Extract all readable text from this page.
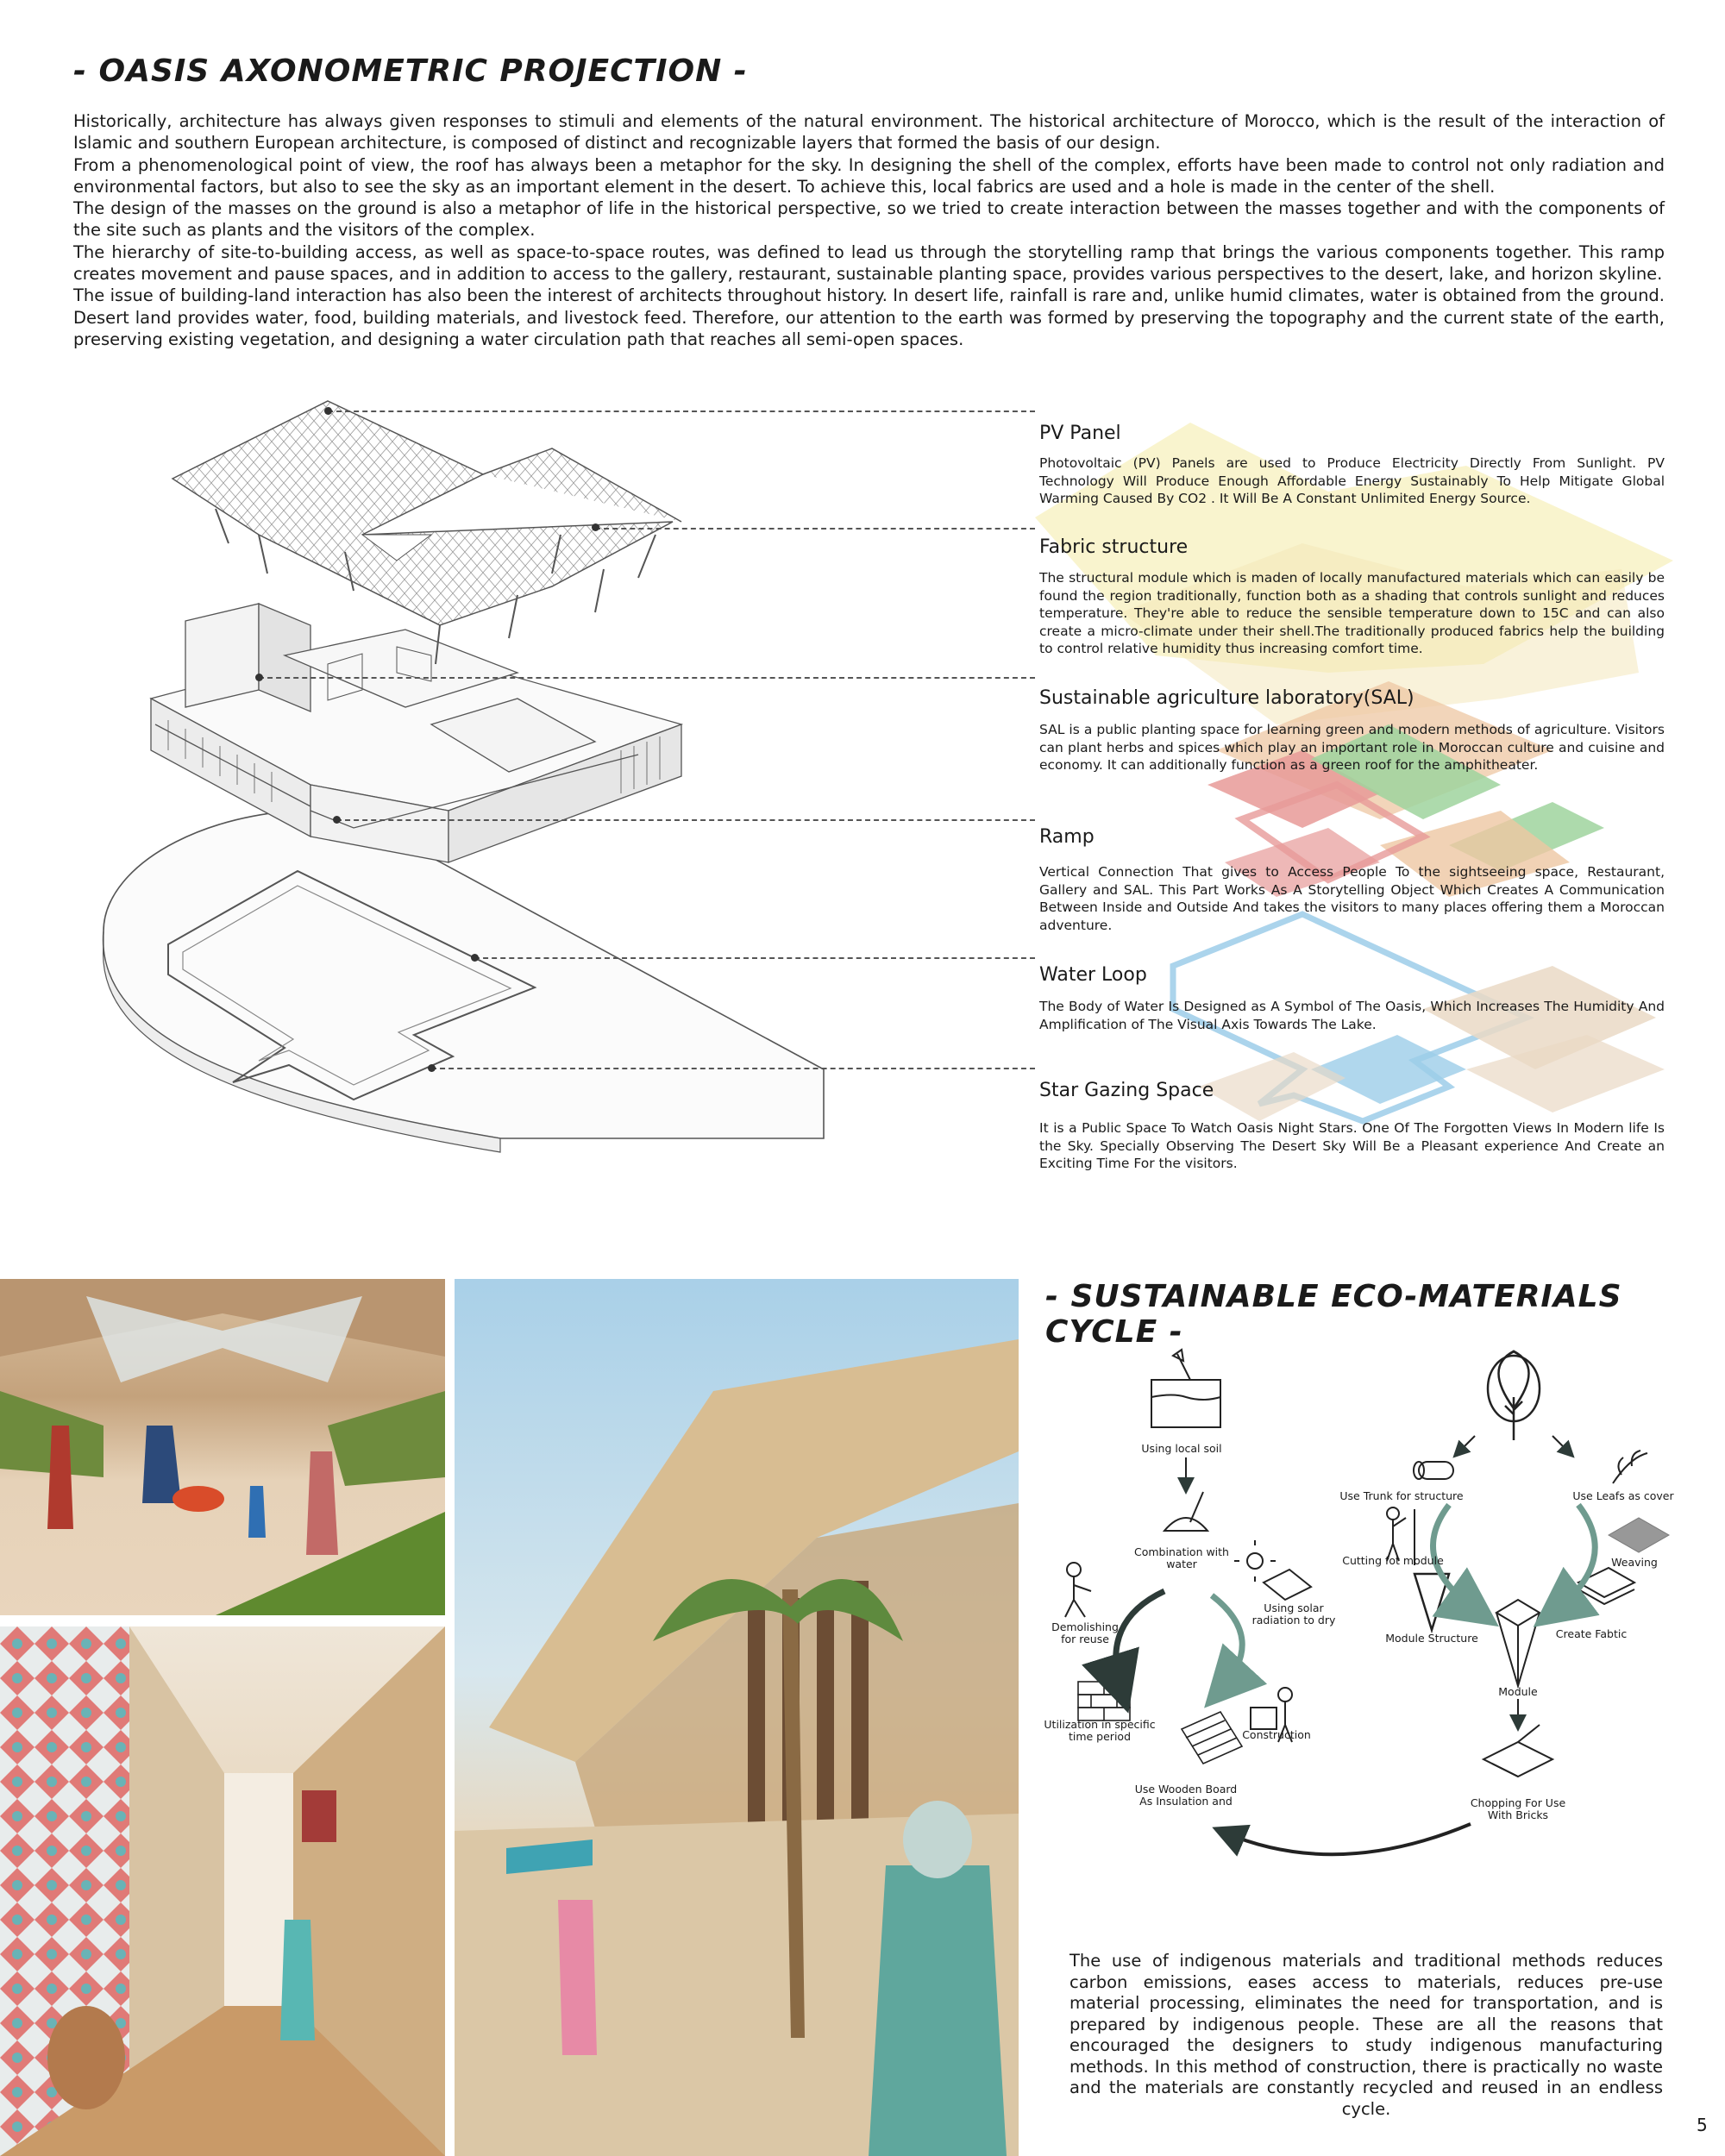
- OASIS AXONOMETRIC PROJECTION -
- SUSTAINABLE ECO-MATERIALS CYCLE -

Historically, architecture has always given responses to stimuli and elements of the natural environment. The historical architecture of Morocco, which is the result of the interaction of Islamic and southern European architecture, is composed of distinct and recognizable layers that formed the basis of our design.

From a phenomenological point of view, the roof has always been a metaphor for the sky. In designing the shell of the complex, efforts have been made to control not only radiation and environmental factors, but also to see the sky as an important element in the desert. To achieve this, local fabrics are used and a hole is made in the center of the shell.

The design of the masses on the ground is also a metaphor of life in the historical perspective, so we tried to create interaction between the masses together and with the components of the site such as plants and the visitors of the complex.

The hierarchy of site-to-building access, as well as space-to-space routes, was defined to lead us through the storytelling ramp that brings the various components together. This ramp creates movement and pause spaces, and in addition to access to the gallery, restaurant, sustainable planting space, provides various perspectives to the desert, lake, and horizon skyline.

The issue of building-land interaction has also been the interest of architects throughout history. In desert life, rainfall is rare and, unlike humid climates, water is obtained from the ground. Desert land provides water, food, building materials, and livestock feed. Therefore, our attention to the earth was formed by preserving the topography and the current state of the earth, preserving existing vegetation, and designing a water circulation path that reaches all semi-open spaces.

PV Panel
Photovoltaic (PV) Panels are used to Produce Electricity Directly From Sunlight. PV Technology Will Produce Enough Affordable Energy Sustainably To Help Mitigate Global Warming Caused By CO2 . It Will Be A Constant Unlimited Energy Source.
Fabric structure
The structural module which is maden of locally manufactured materials which can easily be found the region traditionally, function both as a shading that controls sunlight and reduces temperature. They're able to reduce the sensible temperature down to 15C and can also create a micro-climate under their shell.The traditionally produced fabrics help the building to control relative humidity thus increasing comfort time.
Sustainable agriculture laboratory(SAL)
SAL is a public planting space for learning green and modern methods of agriculture. Visitors can plant herbs and spices which play an important role in Moroccan culture and cuisine and economy. It can additionally function as a green roof for the amphitheater.
Ramp
Vertical Connection That gives to Access People To the sightseeing space, Restaurant, Gallery and SAL. This Part Works As A Storytelling Object Which Creates A Communication Between Inside and Outside And takes the visitors to many places offering them a Moroccan adventure.
Water Loop
The Body of Water Is Designed as A Symbol of The Oasis, Which Increases The Humidity And Amplification of The Visual Axis Towards The Lake.
Star Gazing Space
It is a Public Space To Watch Oasis Night Stars. One Of The Forgotten Views In Modern life Is the Sky. Specially Observing The Desert Sky Will Be a Pleasant experience And Create an Exciting Time For the visitors.
Using local soil
Combination with
water
Using solar
radiation to dry
Demolishing
for reuse
Construction
Utilization in specific
time period
Use Wooden Board
As Insulation and
Use Trunk for structure	Use Leafs as cover
Cutting fot module	Weaving
Module Structure	Create Fabtic
Module
Chopping For Use
With Bricks
The use of indigenous materials and traditional methods reduces carbon emissions, eases access to materials, reduces pre-use material processing, eliminates the need for transportation, and is prepared by indigenous people. These are all the reasons that encouraged the designers to study indigenous manufacturing methods. In this method of construction, there is practically no waste and the materials are constantly recycled and reused in an endless cycle.
5
